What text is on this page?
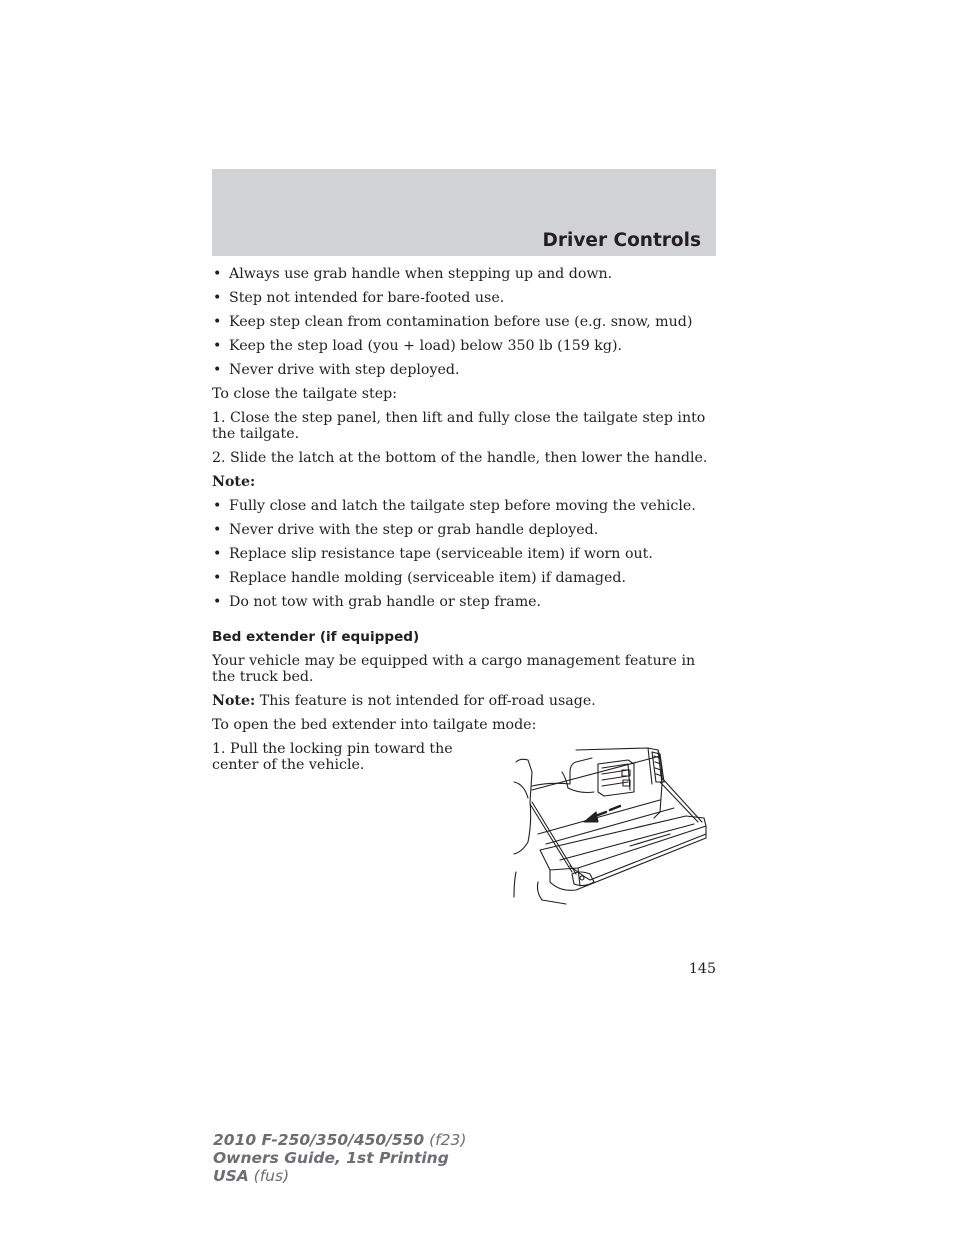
Driver Controls
• Always use grab handle when stepping up and down.
• Step not intended for bare-footed use.
• Keep step clean from contamination before use (e.g. snow, mud)
• Keep the step load (you + load) below 350 lb (159 kg).
• Never drive with step deployed.
To close the tailgate step:
1. Close the step panel, then lift and fully close the tailgate step into the tailgate.
2. Slide the latch at the bottom of the handle, then lower the handle.
Note:
• Fully close and latch the tailgate step before moving the vehicle.
• Never drive with the step or grab handle deployed.
• Replace slip resistance tape (serviceable item) if worn out.
• Replace handle molding (serviceable item) if damaged.
• Do not tow with grab handle or step frame.
Bed extender (if equipped)
Your vehicle may be equipped with a cargo management feature in the truck bed.
Note: This feature is not intended for off-road usage.
To open the bed extender into tailgate mode:
1. Pull the locking pin toward the center of the vehicle.
145
2010 F-250/350/450/550 (f23)
Owners Guide, 1st Printing
USA (fus)
